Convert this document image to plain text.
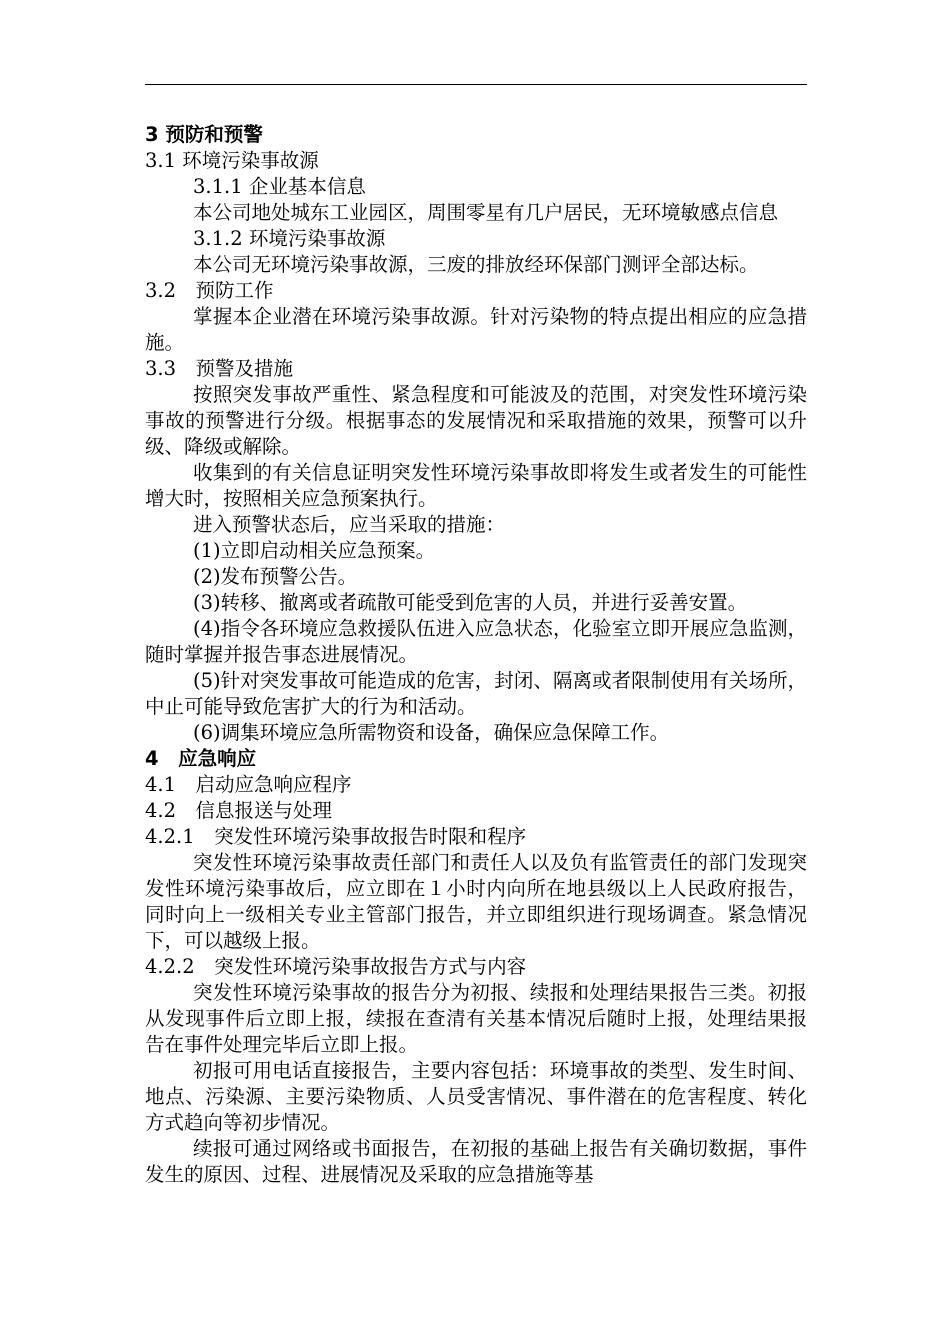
3 预防和预警

3.1 环境污染事故源

3.1.1 企业基本信息

本公司地处城东工业园区，周围零星有几户居民，无环境敏感点信息

3.1.2 环境污染事故源

本公司无环境污染事故源，三废的排放经环保部门测评全部达标。

3.2　预防工作

掌握本企业潜在环境污染事故源。针对污染物的特点提出相应的应急措施。

3.3　预警及措施

按照突发事故严重性、紧急程度和可能波及的范围，对突发性环境污染事故的预警进行分级。根据事态的发展情况和采取措施的效果，预警可以升级、降级或解除。

收集到的有关信息证明突发性环境污染事故即将发生或者发生的可能性增大时，按照相关应急预案执行。

进入预警状态后，应当采取的措施：

(1)立即启动相关应急预案。

(2)发布预警公告。

(3)转移、撤离或者疏散可能受到危害的人员，并进行妥善安置。

(4)指令各环境应急救援队伍进入应急状态，化验室立即开展应急监测，随时掌握并报告事态进展情况。

(5)针对突发事故可能造成的危害，封闭、隔离或者限制使用有关场所，中止可能导致危害扩大的行为和活动。

(6)调集环境应急所需物资和设备，确保应急保障工作。

4　应急响应

4.1　启动应急响应程序

4.2　信息报送与处理

4.2.1　突发性环境污染事故报告时限和程序

突发性环境污染事故责任部门和责任人以及负有监管责任的部门发现突发性环境污染事故后，应立即在１小时内向所在地县级以上人民政府报告，同时向上一级相关专业主管部门报告，并立即组织进行现场调查。紧急情况下，可以越级上报。

4.2.2　突发性环境污染事故报告方式与内容

突发性环境污染事故的报告分为初报、续报和处理结果报告三类。初报从发现事件后立即上报，续报在查清有关基本情况后随时上报，处理结果报告在事件处理完毕后立即上报。

初报可用电话直接报告，主要内容包括：环境事故的类型、发生时间、地点、污染源、主要污染物质、人员受害情况、事件潜在的危害程度、转化方式趋向等初步情况。

续报可通过网络或书面报告，在初报的基础上报告有关确切数据，事件发生的原因、过程、进展情况及采取的应急措施等基
